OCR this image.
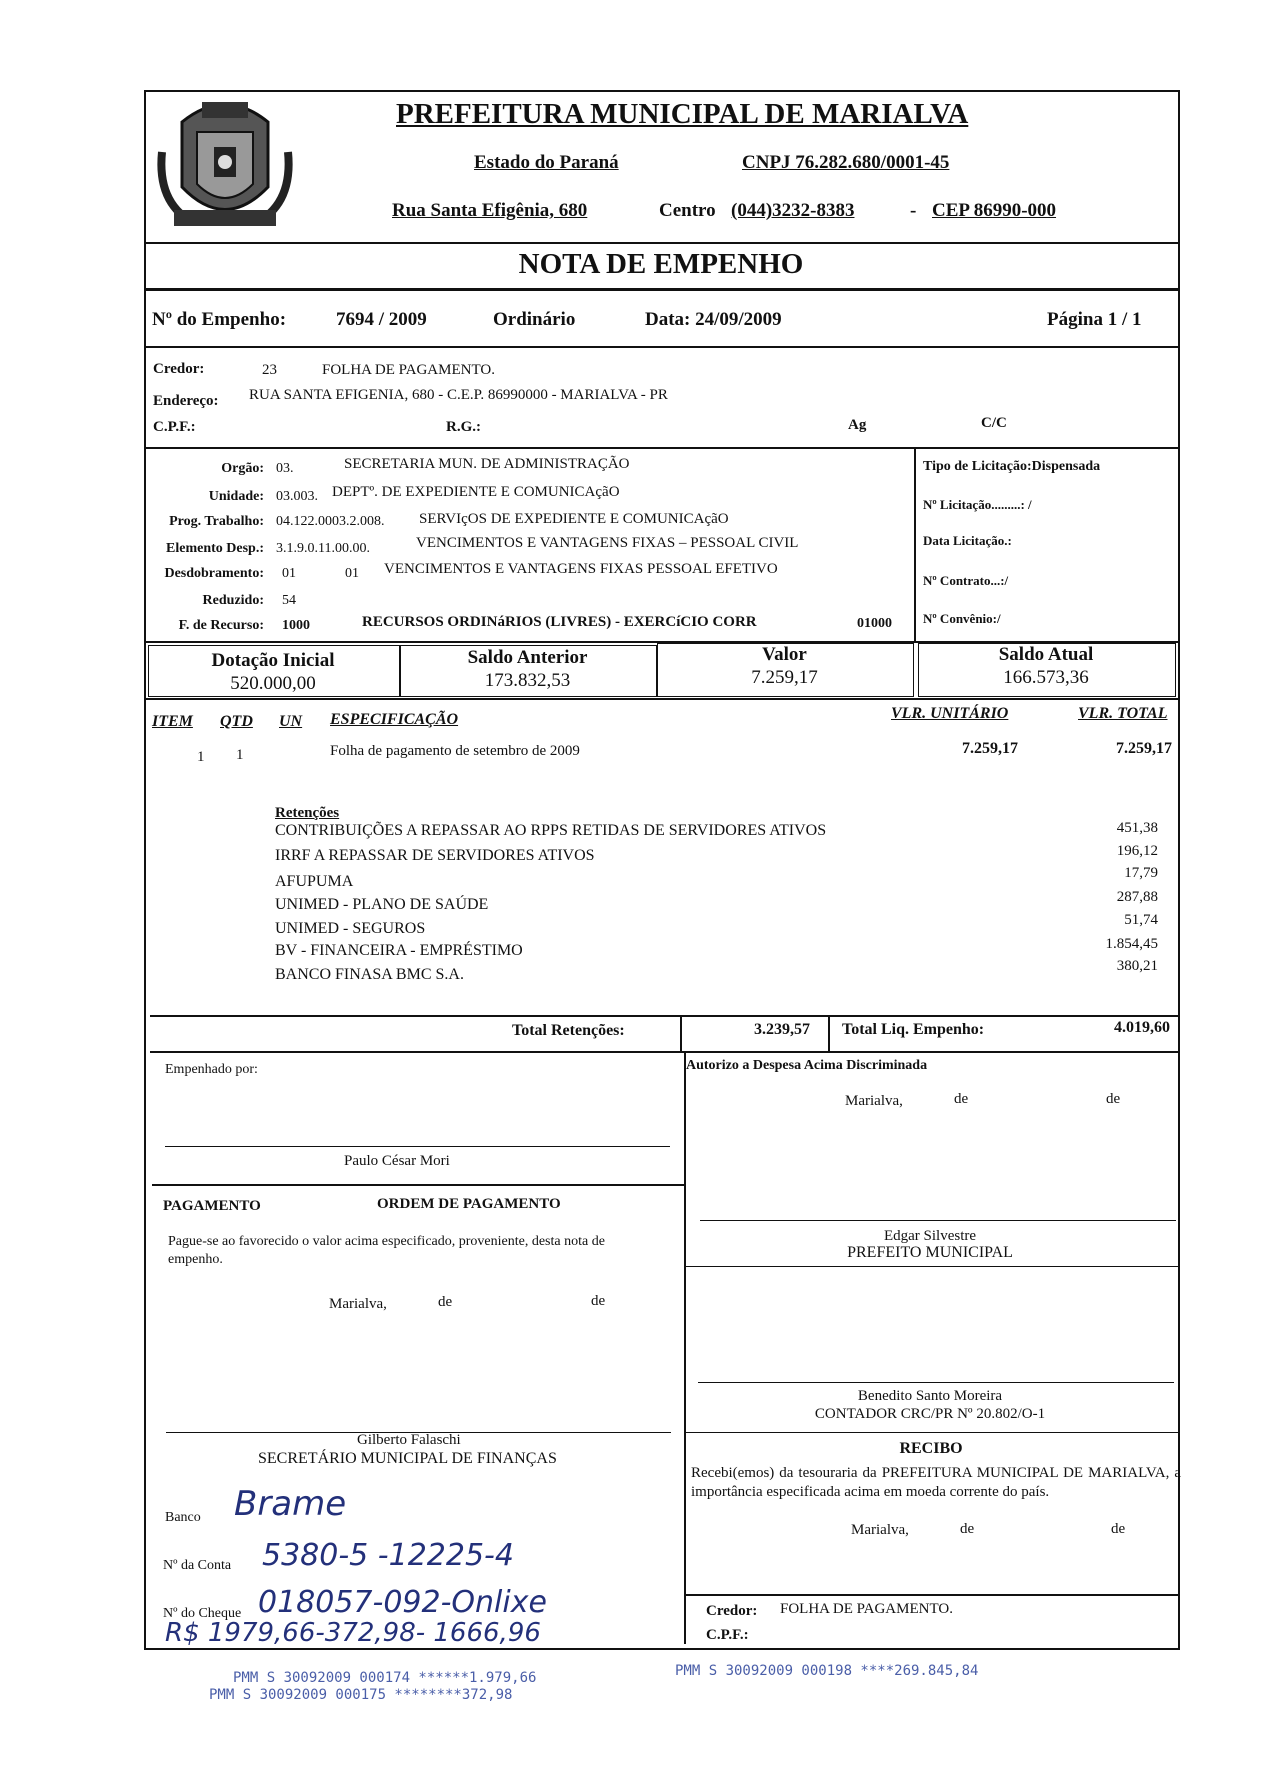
PREFEITURA MUNICIPAL DE MARIALVA
Estado do Paraná	CNPJ 76.282.680/0001-45
Rua Santa Efigênia, 680	Centro (044)3232-8383	- CEP 86990-000
NOTA DE EMPENHO
Nº do Empenho:	7694 / 2009	Ordinário	Data: 24/09/2009	Página 1 / 1
Credor:	23	FOLHA DE PAGAMENTO.
Endereço: RUA SANTA EFIGENIA, 680 - C.E.P. 86990000 - MARIALVA - PR
C.P.F.:	R.G.:	Ag	C/C
Orgão: 03.	SECRETARIA MUN. DE ADMINISTRAÇÃO
Unidade: 03.003. DEPTº. DE EXPEDIENTE E COMUNICAçãO
Prog. Trabalho: 04.122.0003.2.008. SERVIçOS DE EXPEDIENTE E COMUNICAçãO
Elemento Desp.: 3.1.9.0.11.00.00.	VENCIMENTOS E VANTAGENS FIXAS – PESSOAL CIVIL
Desdobramento: 01	01 VENCIMENTOS E VANTAGENS FIXAS PESSOAL EFETIVO
Reduzido: 54
F. de Recurso: 1000	RECURSOS ORDINáRIOS (LIVRES) - EXERCíCIO CORR	01000
Tipo de Licitação:Dispensada
Nº Licitação.........: /
Data Licitação.:
Nº Contrato...:/
Nº Convênio:/
Dotação Inicial
520.000,00
Saldo Anterior
173.832,53
Valor
7.259,17
Saldo Atual
166.573,36
ITEM QTD UN ESPECIFICAÇÃO	VLR. UNITÁRIO	VLR. TOTAL
1 1	Folha de pagamento de setembro de 2009	7.259,17	7.259,17
Retenções
CONTRIBUIÇÕES A REPASSAR AO RPPS RETIDAS DE SERVIDORES ATIVOS	451,38
IRRF A REPASSAR DE SERVIDORES ATIVOS	196,12
AFUPUMA	17,79
UNIMED - PLANO DE SAÚDE	287,88
UNIMED - SEGUROS	51,74
BV - FINANCEIRA - EMPRÉSTIMO	1.854,45
BANCO FINASA BMC S.A.	380,21
Total Retenções:	3.239,57 Total Liq. Empenho:	4.019,60
Empenhado por:
Paulo César Mori
PAGAMENTO	ORDEM DE PAGAMENTO
Pague-se ao favorecido o valor acima especificado, proveniente, desta nota de empenho.
Marialva,	de	de
Gilberto Falaschi
SECRETÁRIO MUNICIPAL DE FINANÇAS
Banco Brame
Nº da Conta 5380-5 -12225-4
Nº do Cheque 018057-092-Onlixe
R$ 1979,66-372,98- 1666,96
Autorizo a Despesa Acima Discriminada
Marialva,	de	de
Edgar Silvestre
PREFEITO MUNICIPAL
Benedito Santo Moreira
CONTADOR CRC/PR Nº 20.802/O-1
RECIBO
Recebi(emos) da tesouraria da PREFEITURA MUNICIPAL DE MARIALVA, a importância especificada acima em moeda corrente do país.
Marialva,	de	de
Credor: FOLHA DE PAGAMENTO.
C.P.F.:
PMM S 30092009 000174 ******1.979,66
PMM S 30092009 000175 ********372,98
PMM S 30092009 000198 ****269.845,84
